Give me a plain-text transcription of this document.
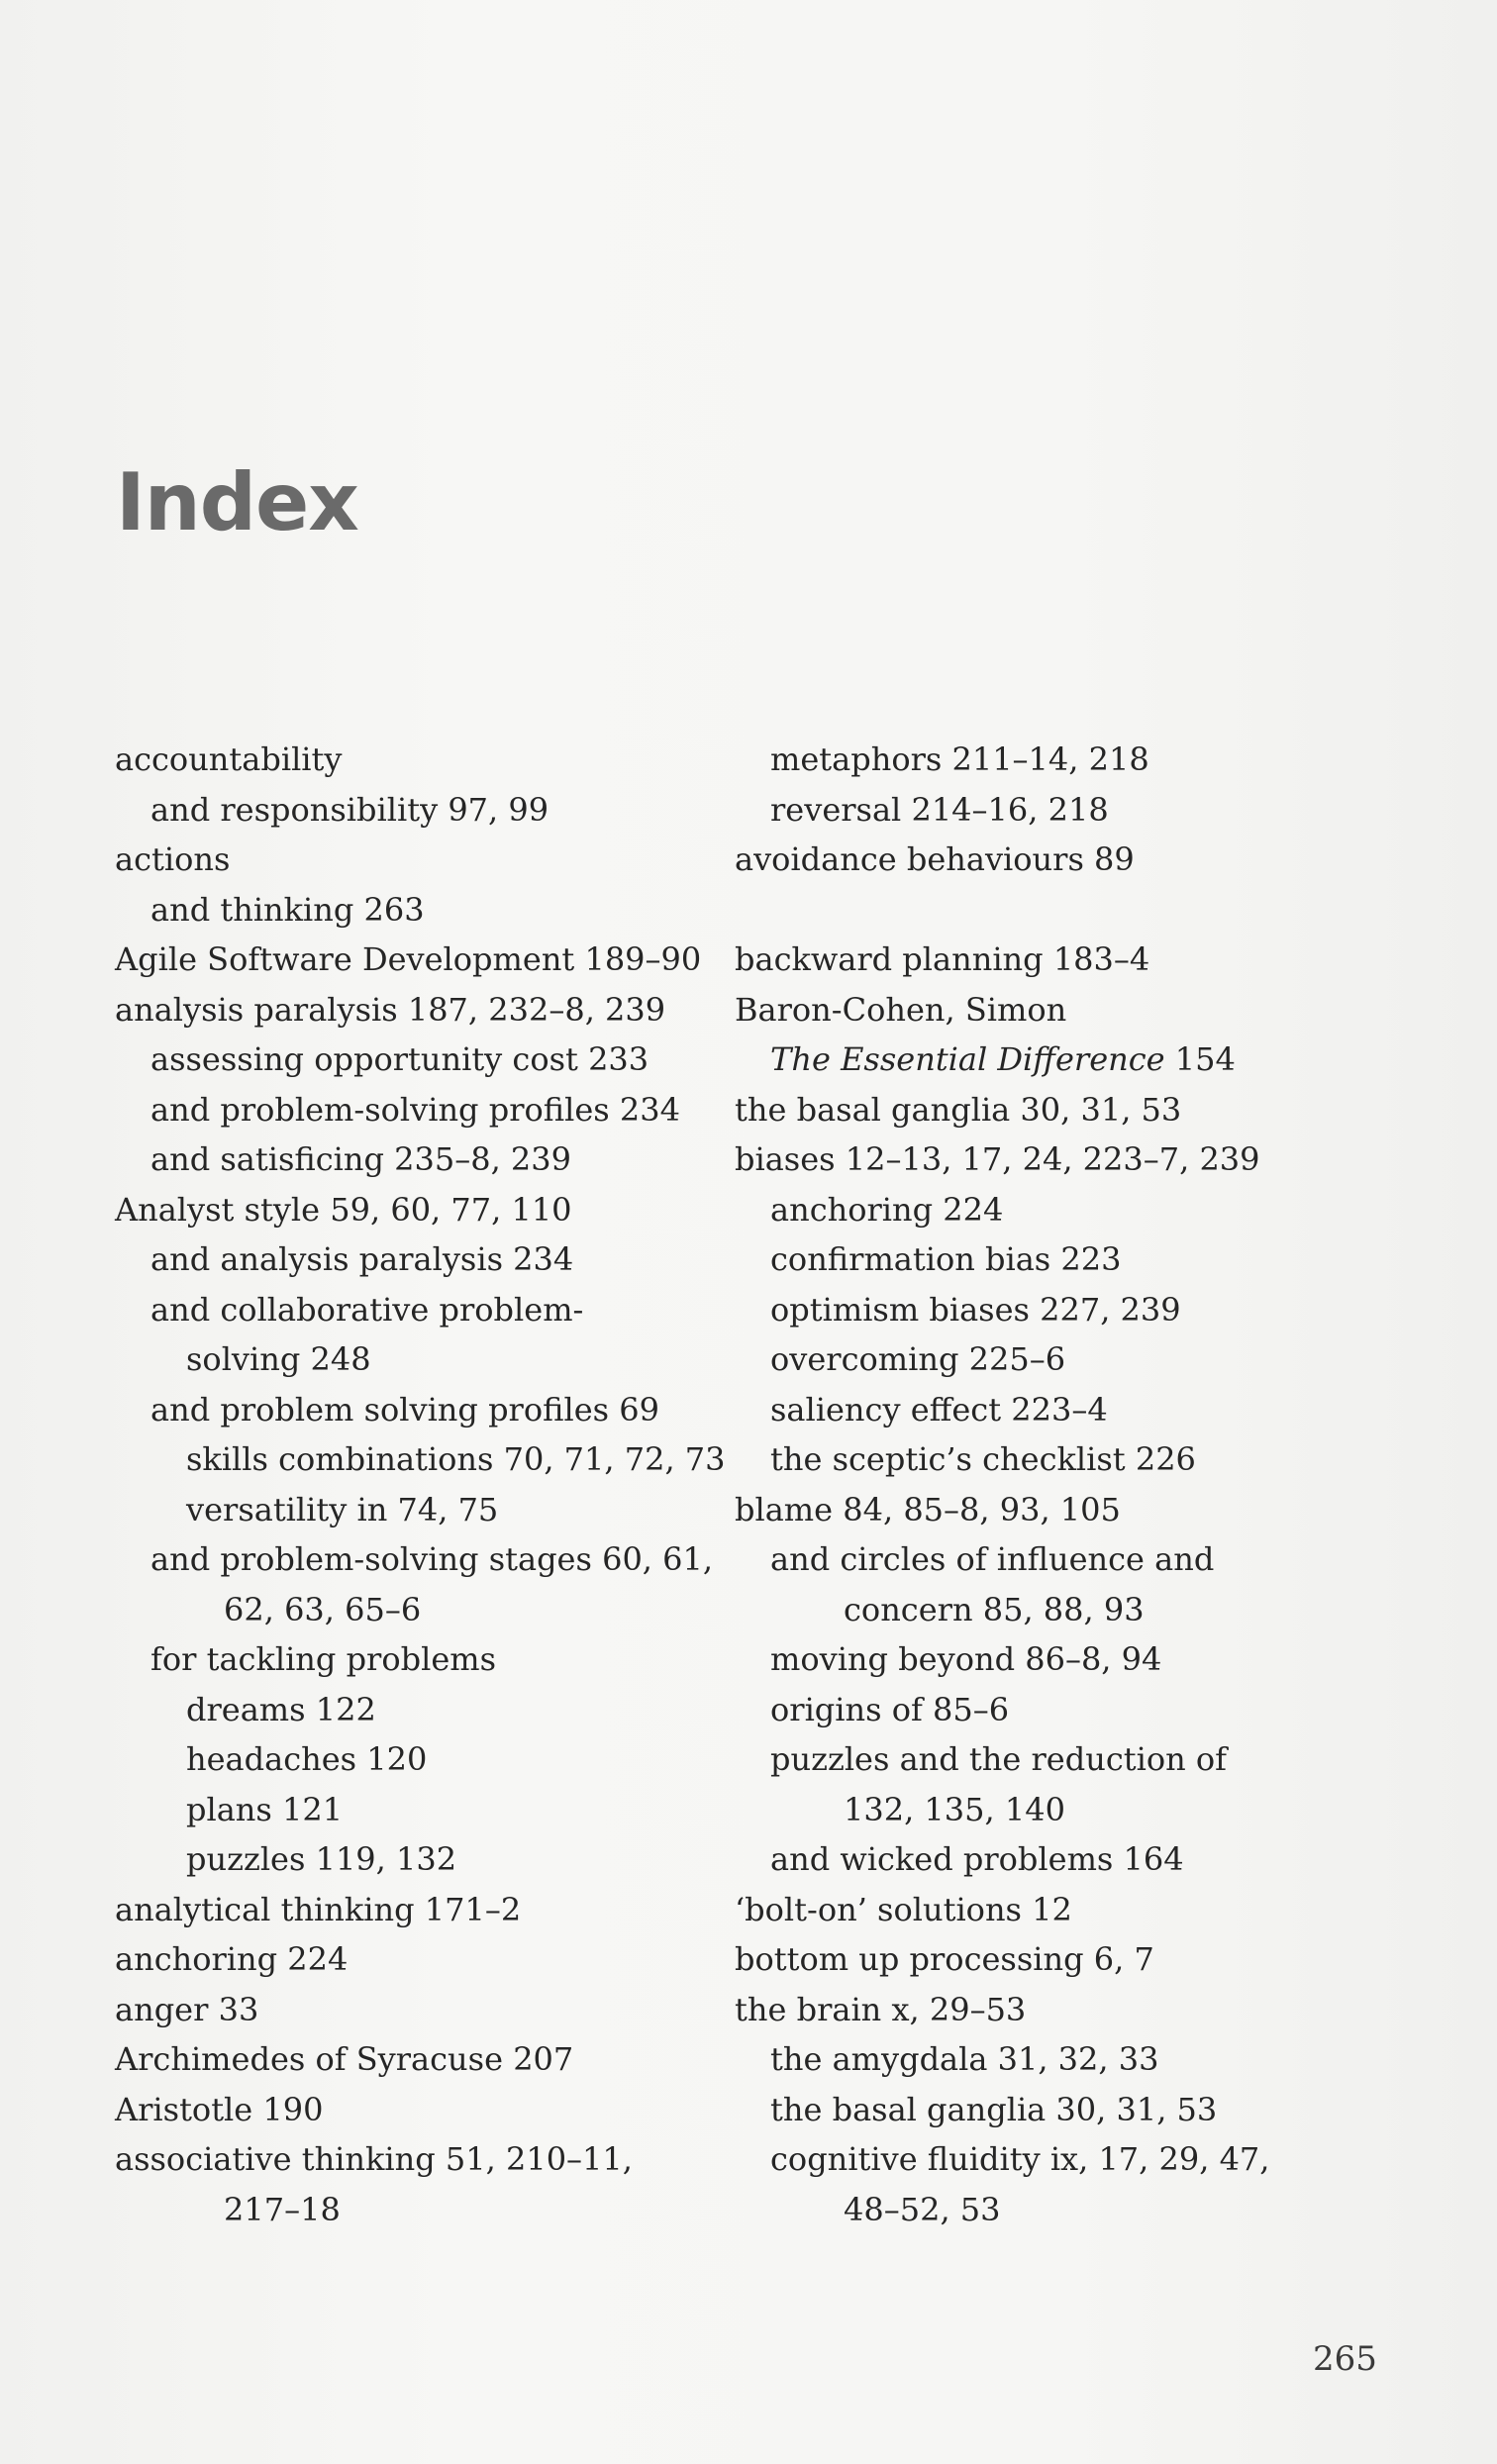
Index
accountability
and responsibility 97, 99
actions
and thinking 263
Agile Software Development 189–90
analysis paralysis 187, 232–8, 239
assessing opportunity cost 233
and problem-solving profiles 234
and satisficing 235–8, 239
Analyst style 59, 60, 77, 110
and analysis paralysis 234
and collaborative problem-
solving 248
and problem solving profiles 69
skills combinations 70, 71, 72, 73
versatility in 74, 75
and problem-solving stages 60, 61,
62, 63, 65–6
for tackling problems
dreams 122
headaches 120
plans 121
puzzles 119, 132
analytical thinking 171–2
anchoring 224
anger 33
Archimedes of Syracuse 207
Aristotle 190
associative thinking 51, 210–11,
217–18
metaphors 211–14, 218
reversal 214–16, 218
avoidance behaviours 89
backward planning 183–4
Baron-Cohen, Simon
The Essential Difference 154
the basal ganglia 30, 31, 53
biases 12–13, 17, 24, 223–7, 239
anchoring 224
confirmation bias 223
optimism biases 227, 239
overcoming 225–6
saliency effect 223–4
the sceptic’s checklist 226
blame 84, 85–8, 93, 105
and circles of influence and
concern 85, 88, 93
moving beyond 86–8, 94
origins of 85–6
puzzles and the reduction of
132, 135, 140
and wicked problems 164
‘bolt-on’ solutions 12
bottom up processing 6, 7
the brain x, 29–53
the amygdala 31, 32, 33
the basal ganglia 30, 31, 53
cognitive fluidity ix, 17, 29, 47,
48–52, 53
265
